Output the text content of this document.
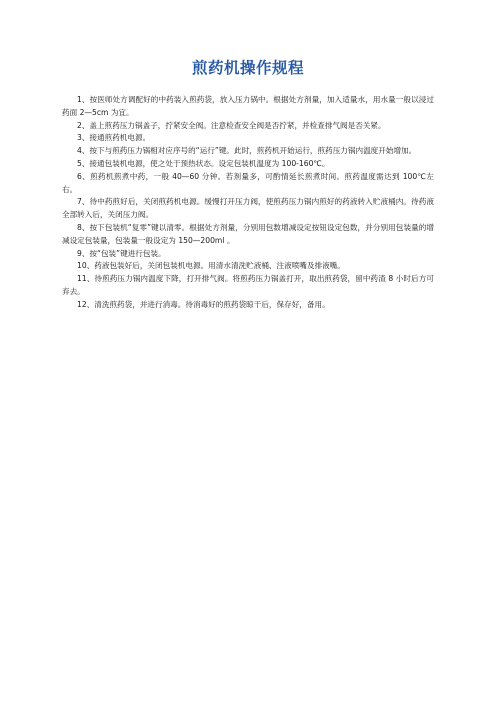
煎药机操作规程

1、按医师处方调配好的中药装入煎药袋，放入压力锅中。根据处方剂量，加入适量水，用水量一般以浸过药面 2—5cm 为宜。

2、盖上煎药压力锅盖子，拧紧安全阀。注意检查安全阀是否拧紧，并检查排气阀是否关紧。

3、接通煎药机电源。

4、按下与煎药压力锅相对应序号的“运行”键。此时，煎药机开始运行，煎药压力锅内温度开始增加。

5、接通包装机电源，使之处于预热状态。设定包装机温度为 100-160℃。

6、煎药机煎煮中药，一般 40—60 分钟。若剂量多，可酌情延长煎煮时间。煎药温度需达到 100℃左右。

7、待中药煎好后，关闭煎药机电源。缓慢打开压力阀，使煎药压力锅内煎好的药液转入贮液桶内。待药液全部转入后，关闭压力阀。

8、按下包装机“复零”键以清零。根据处方剂量，分别用包数增减设定按钮设定包数，并分别用包装量的增减设定包装量，包装量一般设定为 150—200ml 。

9、按“包装”键进行包装。

10、药液包装好后，关闭包装机电源。用清水清洗贮液桶、注液喷嘴及排液嘴。

11、待煎药压力锅内温度下降，打开排气阀。将煎药压力锅盖打开，取出煎药袋，留中药渣 8 小时后方可弃去。

12、清洗煎药袋，并进行消毒。待消毒好的煎药袋晾干后，保存好，备用。
